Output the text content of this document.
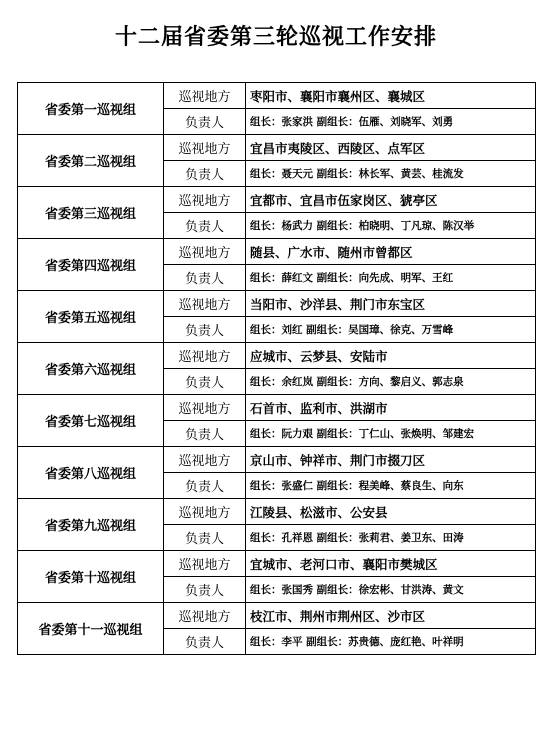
十二届省委第三轮巡视工作安排
省委第一巡视组	巡视地方	枣阳市、襄阳市襄州区、襄城区
	负责人	组长：张家洪 副组长：伍雁、刘晓军、刘勇
省委第二巡视组	巡视地方	宜昌市夷陵区、西陵区、点军区
	负责人	组长：聂天元 副组长：林长军、黄芸、桂流发
省委第三巡视组	巡视地方	宜都市、宜昌市伍家岗区、猇亭区
	负责人	组长：杨武力 副组长：柏晓明、丁凡琼、陈汉举
省委第四巡视组	巡视地方	随县、广水市、随州市曾都区
	负责人	组长：薛红文 副组长：向先成、明军、王红
省委第五巡视组	巡视地方	当阳市、沙洋县、荆门市东宝区
	负责人	组长：刘红 副组长：吴国璋、徐克、万雪峰
省委第六巡视组	巡视地方	应城市、云梦县、安陆市
	负责人	组长：余红岚 副组长：方向、黎启义、郭志泉
省委第七巡视组	巡视地方	石首市、监利市、洪湖市
	负责人	组长：阮力艰 副组长：丁仁山、张焕明、邹建宏
省委第八巡视组	巡视地方	京山市、钟祥市、荆门市掇刀区
	负责人	组长：张盛仁 副组长：程美峰、蔡良生、向东
省委第九巡视组	巡视地方	江陵县、松滋市、公安县
	负责人	组长：孔祥恩 副组长：张莉君、姜卫东、田涛
省委第十巡视组	巡视地方	宜城市、老河口市、襄阳市樊城区
	负责人	组长：张国秀 副组长：徐宏彬、甘洪涛、黄文
省委第十一巡视组	巡视地方	枝江市、荆州市荆州区、沙市区
	负责人	组长：李平 副组长：苏贵德、庞红艳、叶祥明
